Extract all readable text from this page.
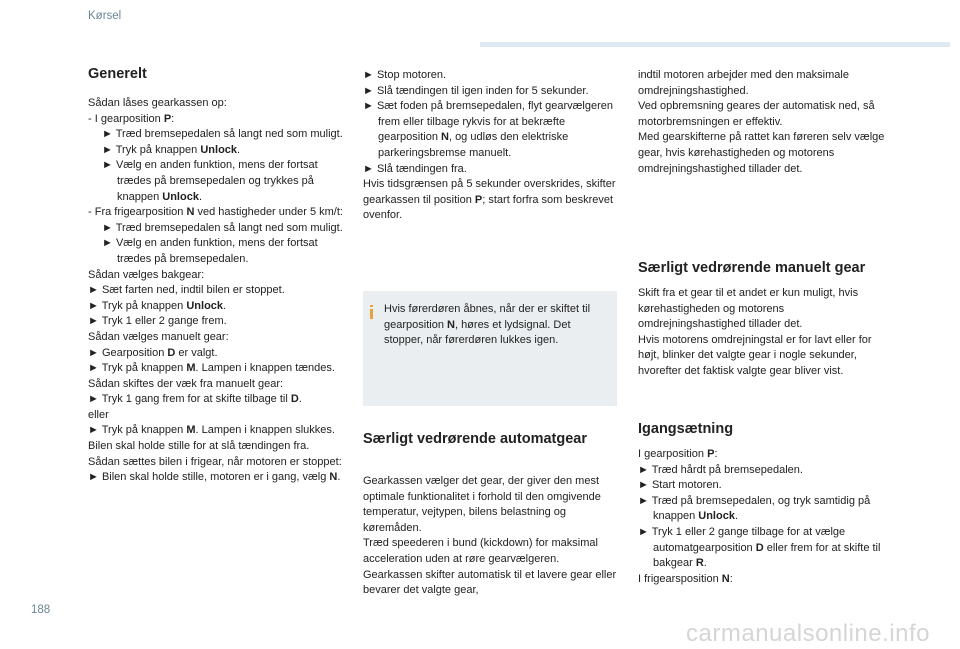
Kørsel
Generelt

Sådan låses gearkassen op:

- I gearposition P:

► Træd bremsepedalen så langt ned som muligt.

► Tryk på knappen Unlock.

► Vælg en anden funktion, mens der fortsat trædes på bremsepedalen og trykkes på knappen Unlock.

- Fra frigearposition N ved hastigheder under 5 km/t:

► Træd bremsepedalen så langt ned som muligt.

► Vælg en anden funktion, mens der fortsat trædes på bremsepedalen.

Sådan vælges bakgear:

► Sæt farten ned, indtil bilen er stoppet.

► Tryk på knappen Unlock.

► Tryk 1 eller 2 gange frem.

Sådan vælges manuelt gear:

► Gearposition D er valgt.

► Tryk på knappen M. Lampen i knappen tændes.

Sådan skiftes der væk fra manuelt gear:

► Tryk 1 gang frem for at skifte tilbage til D.

eller

► Tryk på knappen M. Lampen i knappen slukkes.

Bilen skal holde stille for at slå tændingen fra.

Sådan sættes bilen i frigear, når motoren er stoppet:

► Bilen skal holde stille, motoren er i gang, vælg N.

► Stop motoren.

► Slå tændingen til igen inden for 5 sekunder.

► Sæt foden på bremsepedalen, flyt gearvælgeren frem eller tilbage rykvis for at bekræfte gearposition N, og udløs den elektriske parkeringsbremse manuelt.

► Slå tændingen fra.

Hvis tidsgrænsen på 5 sekunder overskrides, skifter gearkassen til position P; start forfra som beskrevet ovenfor.

Hvis førerdøren åbnes, når der er skiftet til gearposition N, høres et lydsignal. Det stopper, når førerdøren lukkes igen.
Særligt vedrørende automatgear

Gearkassen vælger det gear, der giver den mest optimale funktionalitet i forhold til den omgivende temperatur, vejtypen, bilens belastning og køremåden.

Træd speederen i bund (kickdown) for maksimal acceleration uden at røre gearvælgeren. Gearkassen skifter automatisk til et lavere gear eller bevarer det valgte gear,

indtil motoren arbejder med den maksimale omdrejningshastighed.

Ved opbremsning geares der automatisk ned, så motorbremsningen er effektiv.

Med gearskifterne på rattet kan føreren selv vælge gear, hvis kørehastigheden og motorens omdrejningshastighed tillader det.

Særligt vedrørende manuelt gear

Skift fra et gear til et andet er kun muligt, hvis kørehastigheden og motorens omdrejningshastighed tillader det.

Hvis motorens omdrejningstal er for lavt eller for højt, blinker det valgte gear i nogle sekunder, hvorefter det faktisk valgte gear bliver vist.

Igangsætning

I gearposition P:

► Træd hårdt på bremsepedalen.

► Start motoren.

► Træd på bremsepedalen, og tryk samtidig på knappen Unlock.

► Tryk 1 eller 2 gange tilbage for at vælge automatgearposition D eller frem for at skifte til bakgear R.

I frigearsposition N:

188
carmanualsonline.info
